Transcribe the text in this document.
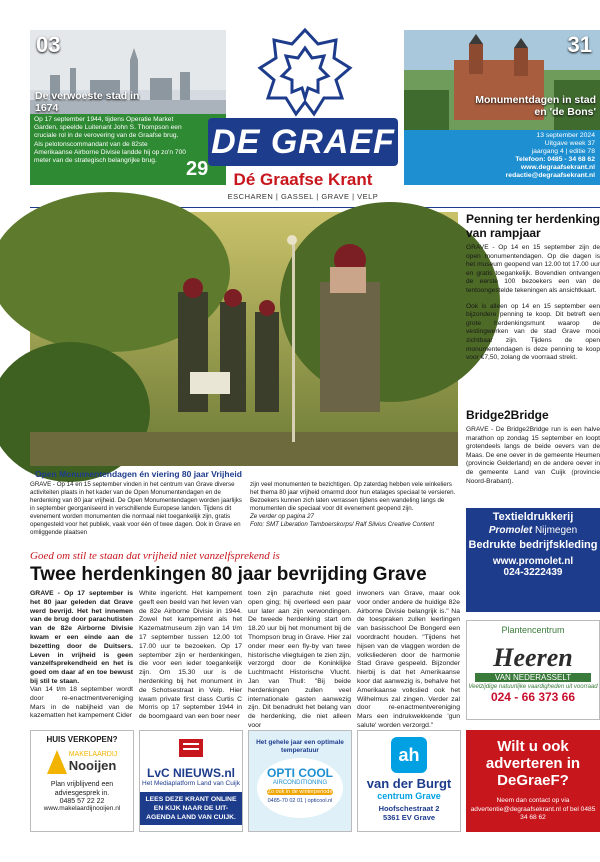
03
De verwoeste stad in 1674
Op 17 september 1944, tijdens Operatie Market Garden, speelde Luitenant John S. Thompson een cruciale rol in de verovering van de Graafse brug. Als pelotonscommandant van de 82ste Amerikaanse Airborne Divisie landde hij op zo'n 700 meter van de strategisch belangrijke brug.	29
DE GRAEF
Dé Graafse Krant
ESCHAREN | GASSEL | GRAVE | VELP
31
Monumentdagen in stad en 'de Bons'
13 september 2024
Uitgave week 37
jaargang 4 | editie 78
Telefoon: 0485 - 34 68 62
www.degraafsekrant.nl
redactie@degraafsekrant.nl
Open Monumentendagen én viering 80 jaar Vrijheid
GRAVE - Op 14 en 15 september vinden in het centrum van Grave diverse activiteiten plaats in het kader van de Open Monumentendagen en de herdenking van 80 jaar vrijheid. De Open Monumentendagen worden jaarlijks in september georganiseerd in verschillende Europese landen. Tijdens dit evenement worden monumenten die normaal niet toegankelijk zijn, gratis opengesteld voor het publiek, vaak voor één of twee dagen. Ook in Grave en omliggende plaatsen
zijn veel monumenten te bezichtigen. Op zaterdag hebben vele winkeliers het thema 80 jaar vrijheid omarmd door hun etalages speciaal te versieren. Bezoekers kunnen zich laten verrassen tijdens een wandeling langs de monumenten die speciaal voor dit evenement geopend zijn.
Ze verder op pagina 27
Foto: SMT Liberation Tamboerskorps/ Ralf Silvius Creative Content
Penning ter herdenking van rampjaar
GRAVE - Op 14 en 15 september zijn de open monumentendagen. Op die dagen is het museum geopend van 12.00 tot 17.00 uur en gratis toegankelijk. Bovendien ontvangen de eerste 100 bezoekers een van de tentoongestelde tekeningen als ansichtkaart.
Ook is alleen op 14 en 15 september een bijzondere penning te koop. Dit betreft een grote herdenkingsmunt waarop de vestingwerken van de stad Grave mooi zichtbaar zijn. Tijdens de open monumentendagen is deze penning te koop voor €7,50, zolang de voorraad strekt.
Bridge2Bridge
GRAVE - De Bridge2Bridge run is een halve marathon op zondag 15 september en loopt grotendeels langs de beide oevers van de Maas. De ene oever in de gemeente Heumen (provincie Gelderland) en de andere oever in de gemeente Land van Cuijk (provincie Noord-Brabant).
Goed om stil te staan dat vrijheid niet vanzelfsprekend is
Twee herdenkingen 80 jaar bevrijding Grave
GRAVE - Op 17 september is het 80 jaar geleden dat Grave werd bevrijd. Het het innemen van de brug door parachutisten van de 82e Airborne Divisie kwam er een einde aan de bezetting door de Duitsers. Leven in vrijheid is geen vanzelfsprekendheid en het is goed om daar af en toe bewust bij stil te staan.
Van 14 t/m 18 september wordt door re-enactmentvereniging Mars in de nabijheid van de kazematten het kampement Cider
White ingericht. Het kampement geeft een beeld van het leven van de 82e Airborne Divisie in 1944. Zowel het kampement als het Kazematmuseum zijn van 14 t/m 17 september tussen 12.00 tot 17.00 uur te bezoeken. Op 17 september zijn er herdenkingen, die voor een ieder toegankelijk zijn. Om 15.30 uur is de herdenking bij het monument in de Schotsestraat in Velp. Hier kwam private first class Curtis C Morris op 17 september 1944 in de boomgaard van een boer neer
toen zijn parachute niet goed open ging; hij overleed een paar uur later aan zijn verwondingen. De tweede herdenking start om 18.20 uur bij het monument bij de Thompson brug in Grave. Hier zal onder meer een fly-by van twee historische vliegtuigen te zien zijn, verzorgd door de Koninklijke Luchtmacht Historische Vlucht. Jan van Thull: "Bij beide herdenkingen zullen veel internationale gasten aanwezig zijn. Dit benadrukt het belang van de herdenking, die niet alleen voor
inwoners van Grave, maar ook voor onder andere de huidige 82e Airborne Divisie belangrijk is." Na de toespraken zullen leerlingen van basisschool De Bongerd een voordracht houden. "Tijdens het hijsen van de vlaggen worden de volksliederen door de harmonie Stad Grave gespeeld. Bijzonder hierbij is dat het Amerikaanse koor dat aanwezig is, behalve het Amerikaanse volkslied ook het Wilhelmus zal zingen. Verder zal door re-enactmentvereniging Mars een indrukwekkende 'gun salute' worden verzorgd."
Textieldrukkerij
Promolet Nijmegen
Bedrukte bedrijfskleding
www.promolet.nl
024-3222439
Plantencentrum
Heeren
VAN NEDERASSELT
Veelzijdige natuurlijke vaardigheden uit voorraad
024 - 66 373 66
HUIS VERKOPEN?
MAKELAARDIJ
Nooijen
Plan vrijblijvend een adviesgesprek in.
0485 57 22 22
www.makelaardijnooijen.nl
LvC NIEUWS.nl
Het Mediaplatform Land van Cuijk
LEES DEZE KRANT ONLINE EN KIJK NAAR DE UIT-AGENDA LAND VAN CUIJK.
Het gehele jaar een optimale temperatuur
OPTI COOL
AIRCONDITIONING
Zo ook in de winterperiode
0485-70 02 01 | opticool.nl
ah
van der Burgt
centrum Grave
Hoofschestraat 2
5361 EV Grave
Wilt u ook adverteren in DeGraeF?
Neem dan contact op via advertentie@degraafsekrant.nl of bel 0485 34 68 62
